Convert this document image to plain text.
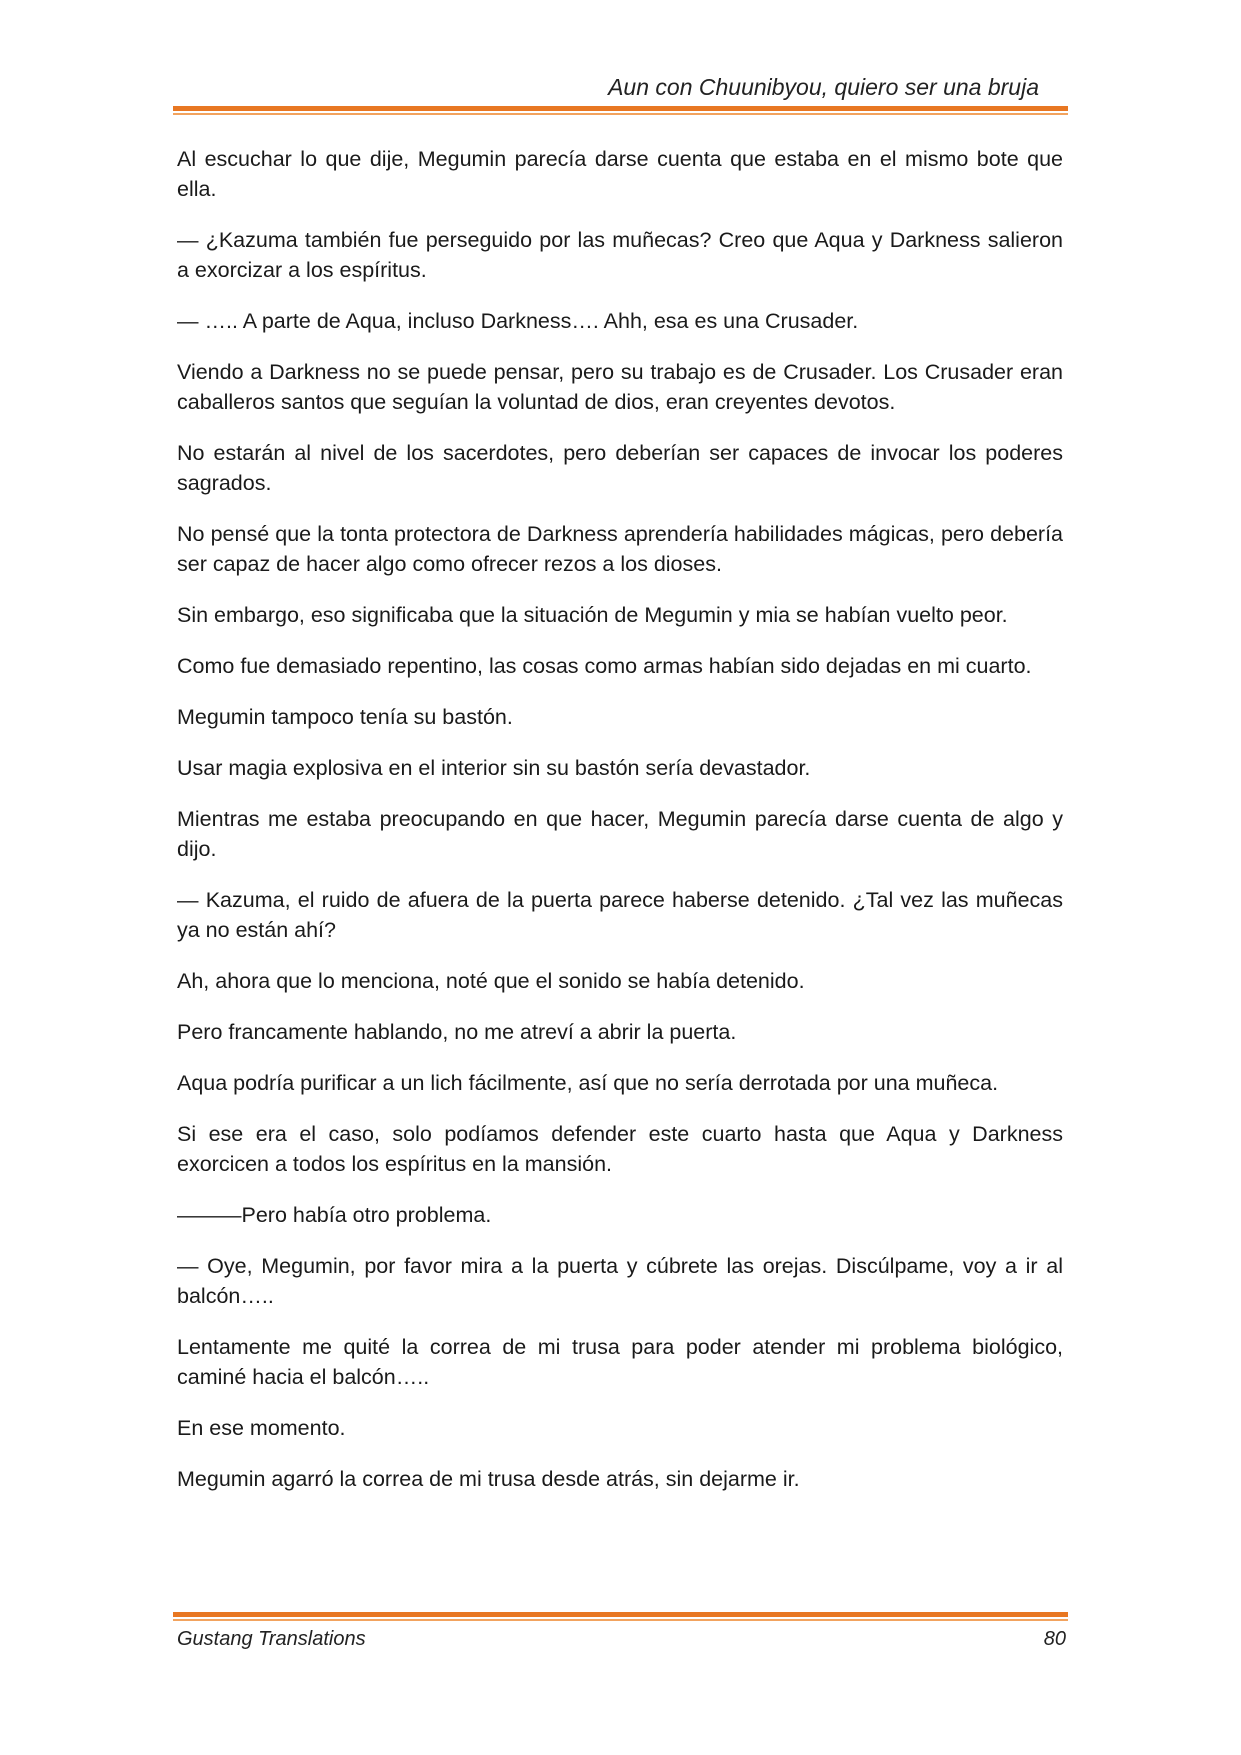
Aun con Chuunibyou, quiero ser una bruja

Al escuchar lo que dije, Megumin parecía darse cuenta que estaba en el mismo bote que ella.

— ¿Kazuma también fue perseguido por las muñecas? Creo que Aqua y Darkness salieron a exorcizar a los espíritus.

— ….. A parte de Aqua, incluso Darkness…. Ahh, esa es una Crusader.

Viendo a Darkness no se puede pensar, pero su trabajo es de Crusader. Los Crusader eran caballeros santos que seguían la voluntad de dios, eran creyentes devotos.

No estarán al nivel de los sacerdotes, pero deberían ser capaces de invocar los poderes sagrados.

No pensé que la tonta protectora de Darkness aprendería habilidades mágicas, pero debería ser capaz de hacer algo como ofrecer rezos a los dioses.

Sin embargo, eso significaba que la situación de Megumin y mia se habían vuelto peor.

Como fue demasiado repentino, las cosas como armas habían sido dejadas en mi cuarto.

Megumin tampoco tenía su bastón.

Usar magia explosiva en el interior sin su bastón sería devastador.

Mientras me estaba preocupando en que hacer, Megumin parecía darse cuenta de algo y dijo.

— Kazuma, el ruido de afuera de la puerta parece haberse detenido. ¿Tal vez las muñecas ya no están ahí?

Ah, ahora que lo menciona, noté que el sonido se había detenido.

Pero francamente hablando, no me atreví a abrir la puerta.

Aqua podría purificar a un lich fácilmente, así que no sería derrotada por una muñeca.

Si ese era el caso, solo podíamos defender este cuarto hasta que Aqua y Darkness exorcicen a todos los espíritus en la mansión.

———Pero había otro problema.

— Oye, Megumin, por favor mira a la puerta y cúbrete las orejas. Discúlpame, voy a ir al balcón…..

Lentamente me quité la correa de mi trusa para poder atender mi problema biológico, caminé hacia el balcón…..

En ese momento.

Megumin agarró la correa de mi trusa desde atrás, sin dejarme ir.

Gustang Translations	80
